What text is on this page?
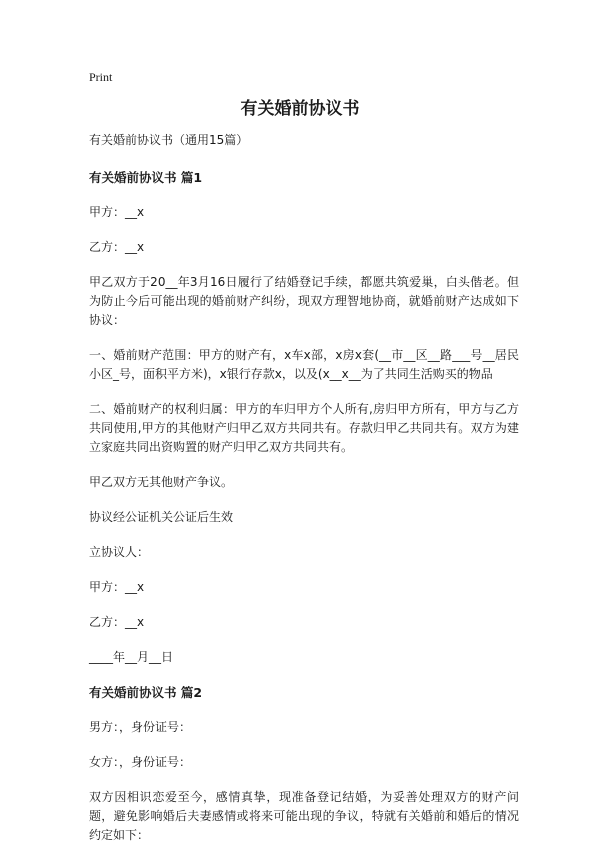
Print
有关婚前协议书

有关婚前协议书（通用15篇）

有关婚前协议书 篇1

甲方：__x

乙方：__x

甲乙双方于20__年3月16日履行了结婚登记手续，都愿共筑爱巢，白头偕老。但为防止今后可能出现的婚前财产纠纷，现双方理智地协商，就婚前财产达成如下协议：

一、婚前财产范围：甲方的财产有，x车x部，x房x套(__市__区__路___号__居民小区_号，面积平方米)，x银行存款x，以及(x__x__为了共同生活购买的物品

二、婚前财产的权利归属：甲方的车归甲方个人所有,房归甲方所有，甲方与乙方共同使用,甲方的其他财产归甲乙双方共同共有。存款归甲乙共同共有。双方为建立家庭共同出资购置的财产归甲乙双方共同共有。

甲乙双方无其他财产争议。

协议经公证机关公证后生效

立协议人：

甲方：__x

乙方：__x

____年__月__日

有关婚前协议书 篇2

男方：，身份证号：

女方：，身份证号：

双方因相识恋爱至今，感情真挚，现准备登记结婚，为妥善处理双方的财产问题，避免影响婚后夫妻感情或将来可能出现的争议，特就有关婚前和婚后的情况约定如下：
